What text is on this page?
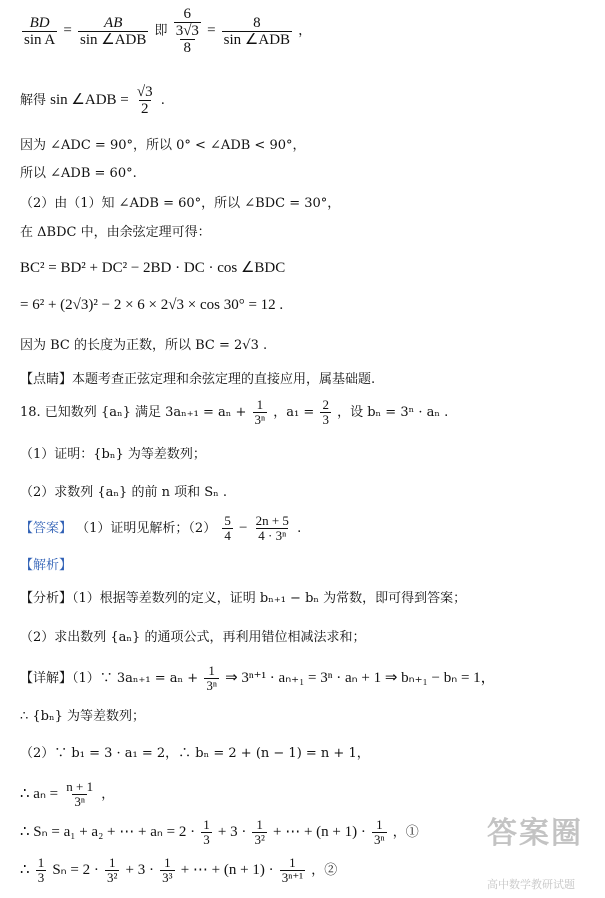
$\frac{BD}{\text{sin A}} = \frac{AB}{\text{sin ∠ADB}}$ 即 $\frac{6}{\frac{3√3}{8}} = \frac{8}{\text{sin ∠ADB}}$ ，
解得 sin ∠ADB = $\frac{√3}{2}$ .
因为 ∠ADC = 90°，所以 0° < ∠ADB < 90°，
所以 ∠ADB = 60°.
（2）由（1）知 ∠ADB = 60°，所以 ∠BDC = 30°，
在 ΔBDC 中，由余弦定理可得：
BC² = BD² + DC² − 2BD · DC · cos ∠BDC
= 6² + (2√3)² − 2 × 6 × 2√3 × cos 30° = 12 .
因为 BC 的长度为正数，所以 BC = 2√3 .
【点睛】本题考查正弦定理和余弦定理的直接应用，属基础题.
18. 已知数列 {aₙ} 满足 $3a_{n+1} = a_n + \frac{1}{\text{3ⁿ}}$ ，$a_1 = \frac{2}{3}$ ，设 bₙ = 3ⁿ · aₙ .
（1）证明：{bₙ} 为等差数列；
（2）求数列 {aₙ} 的前 n 项和 Sₙ .
【答案】 （1）证明见解析；$(2) \frac{5}{4} - \frac{2n + 5}{\text{4 · 3ⁿ}}$ .
【解析】
【分析】（1）根据等差数列的定义，证明 bₙ₊₁ − bₙ 为常数，即可得到答案；
（2）求出数列 {aₙ} 的通项公式，再利用错位相减法求和；
【详解】（1）∵ $3a_{n+1} = a_n + \frac{1}{\text{3ⁿ}}$ ⇒ 3ⁿ⁺¹ · aₙ₊₁ = 3ⁿ · aₙ + 1 ⇒ bₙ₊₁ − bₙ = 1，
∴ {bₙ} 为等差数列；
（2）∵ b₁ = 3 · a₁ = 2，∴ bₙ = 2 + (n − 1) = n + 1，
∴ $a_n = \frac{n + 1}{\text{3ⁿ}}$ ，
∴ Sₙ = a₁ + a₂ + ⋯ + $a_n = 2 \cdot \frac{1}{3} + 3 \cdot \frac{1}{\text{3²}}$ + ⋯ + $(n + 1) \cdot \frac{1}{\text{3ⁿ}}$ ，①
∴ $\frac{1}{3}$ $S_n = 2 \cdot \frac{1}{\text{3²}} + 3 \cdot \frac{1}{\text{3³}}$ + ⋯ + $(n + 1) \cdot \frac{1}{\text{3ⁿ⁺¹}}$ ，②
答案圈
高中数学教研试题
